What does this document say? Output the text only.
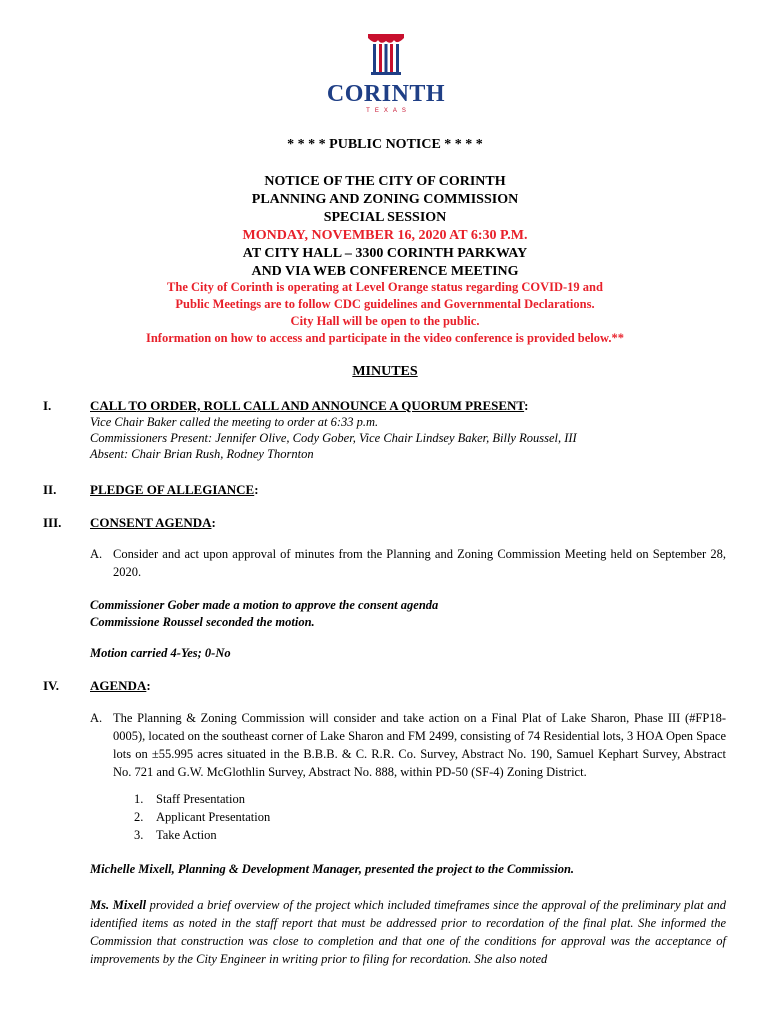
CORINTH
TEXAS
* * * * PUBLIC NOTICE * * * *
NOTICE OF THE CITY OF CORINTH
PLANNING AND ZONING COMMISSION
SPECIAL SESSION
MONDAY, NOVEMBER 16, 2020 AT 6:30 P.M.
AT CITY HALL – 3300 CORINTH PARKWAY
AND VIA WEB CONFERENCE MEETING
The City of Corinth is operating at Level Orange status regarding COVID-19 and
Public Meetings are to follow CDC guidelines and Governmental Declarations.
City Hall will be open to the public.
Information on how to access and participate in the video conference is provided below.**
MINUTES
I.	CALL TO ORDER, ROLL CALL AND ANNOUNCE A QUORUM PRESENT:
Vice Chair Baker called the meeting to order at 6:33 p.m.
Commissioners Present: Jennifer Olive, Cody Gober, Vice Chair Lindsey Baker, Billy Roussel, III
Absent: Chair Brian Rush, Rodney Thornton
II.	PLEDGE OF ALLEGIANCE:
III. CONSENT AGENDA:
A. Consider and act upon approval of minutes from the Planning and Zoning Commission Meeting held on September 28, 2020.
Commissioner Gober made a motion to approve the consent agenda
Commissione Roussel seconded the motion.
Motion carried 4-Yes; 0-No
IV. AGENDA:
A. The Planning & Zoning Commission will consider and take action on a Final Plat of Lake Sharon, Phase III (#FP18-0005), located on the southeast corner of Lake Sharon and FM 2499, consisting of 74 Residential lots, 3 HOA Open Space lots on ±55.995 acres situated in the B.B.B. & C. R.R. Co. Survey, Abstract No. 190, Samuel Kephart Survey, Abstract No. 721 and G.W. McGlothlin Survey, Abstract No. 888, within PD-50 (SF-4) Zoning District.
1. Staff Presentation
2. Applicant Presentation
3. Take Action
Michelle Mixell, Planning & Development Manager, presented the project to the Commission.
Ms. Mixell provided a brief overview of the project which included timeframes since the approval of the preliminary plat and identified items as noted in the staff report that must be addressed prior to recordation of the final plat. She informed the Commission that construction was close to completion and that one of the conditions for approval was the acceptance of improvements by the City Engineer in writing prior to filing for recordation. She also noted
